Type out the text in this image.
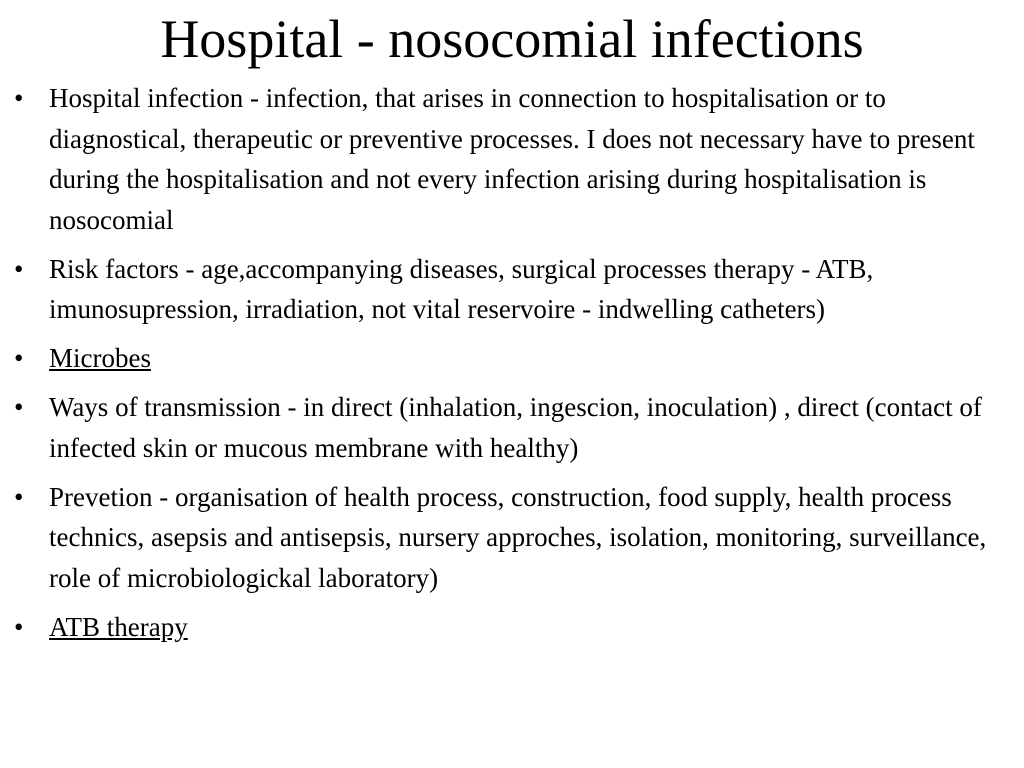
Hospital - nosocomial infections
• Hospital infection - infection, that arises in connection to hospitalisation or to diagnostical, therapeutic or preventive processes. I does not necessary have to present during the hospitalisation and not every infection arising during hospitalisation is nosocomial
• Risk factors - age,accompanying diseases, surgical processes therapy - ATB, imunosupression, irradiation, not vital reservoire - indwelling catheters)
• Microbes
• Ways of transmission - in direct (inhalation, ingescion, inoculation) , direct (contact of infected skin or mucous membrane with healthy)
• Prevetion - organisation of health process, construction, food supply, health process technics, asepsis and antisepsis, nursery approches, isolation, monitoring, surveillance, role of microbiologickal laboratory)
• ATB therapy
